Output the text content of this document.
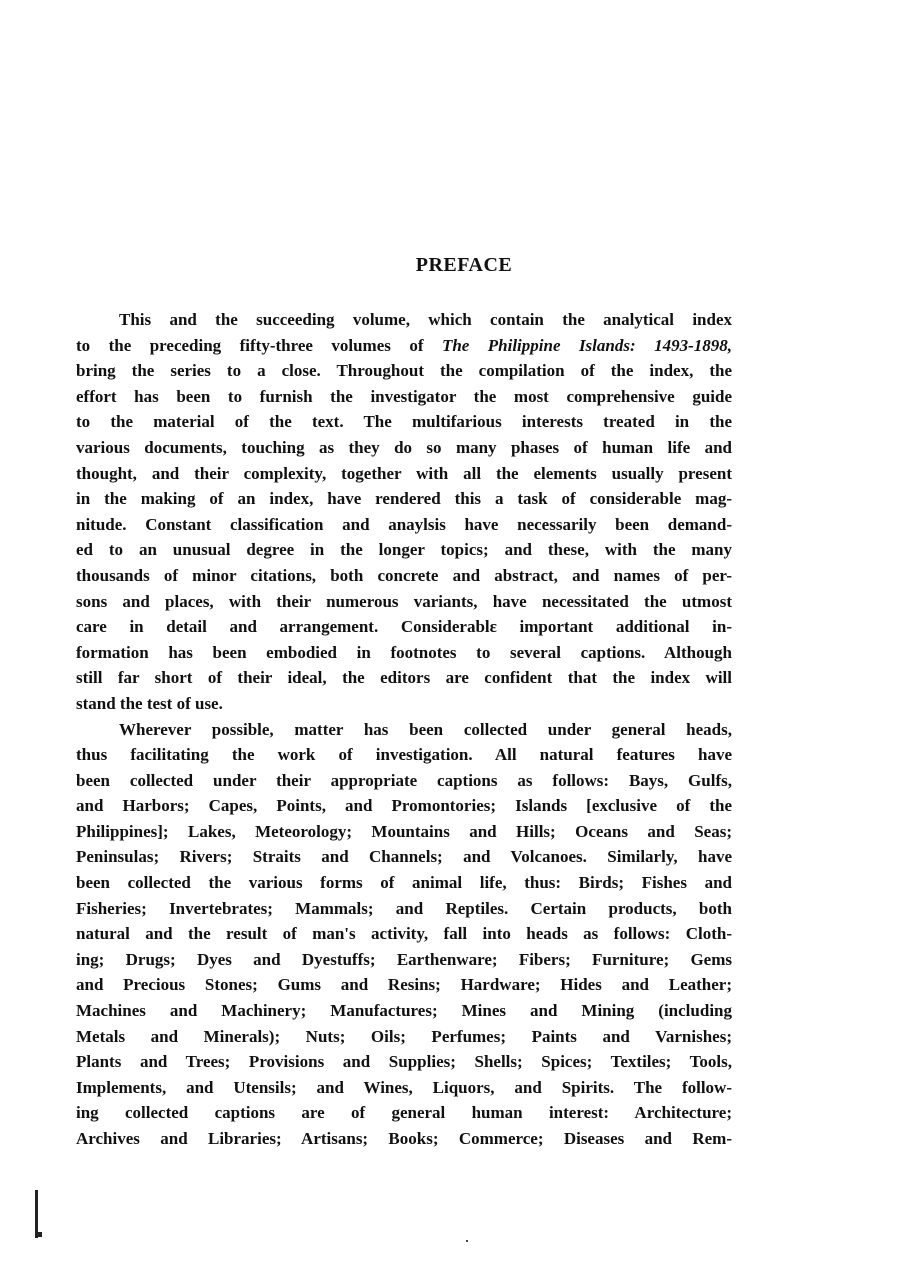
PREFACE
This and the succeeding volume, which contain the analytical index
to the preceding fifty-three volumes of The Philippine Islands: 1493-1898,
bring the series to a close. Throughout the compilation of the index, the
effort has been to furnish the investigator the most comprehensive guide
to the material of the text. The multifarious interests treated in the
various documents, touching as they do so many phases of human life and
thought, and their complexity, together with all the elements usually present
in the making of an index, have rendered this a task of considerable mag-
nitude. Constant classification and anaylsis have necessarily been demand-
ed to an unusual degree in the longer topics; and these, with the many
thousands of minor citations, both concrete and abstract, and names of per-
sons and places, with their numerous variants, have necessitated the utmost
care in detail and arrangement. Considerablε important additional in-
formation has been embodied in footnotes to several captions. Although
still far short of their ideal, the editors are confident that the index will
stand the test of use.
Wherever possible, matter has been collected under general heads,
thus facilitating the work of investigation. All natural features have
been collected under their appropriate captions as follows: Bays, Gulfs,
and Harbors; Capes, Points, and Promontories; Islands [exclusive of the
Philippines]; Lakes, Meteorology; Mountains and Hills; Oceans and Seas;
Peninsulas; Rivers; Straits and Channels; and Volcanoes. Similarly, have
been collected the various forms of animal life, thus: Birds; Fishes and
Fisheries; Invertebrates; Mammals; and Reptiles. Certain products, both
natural and the result of man's activity, fall into heads as follows: Cloth-
ing; Drugs; Dyes and Dyestuffs; Earthenware; Fibers; Furniture; Gems
and Precious Stones; Gums and Resins; Hardware; Hides and Leather;
Machines and Machinery; Manufactures; Mines and Mining (including
Metals and Minerals); Nuts; Oils; Perfumes; Paints and Varnishes;
Plants and Trees; Provisions and Supplies; Shells; Spices; Textiles; Tools,
Implements, and Utensils; and Wines, Liquors, and Spirits. The follow-
ing collected captions are of general human interest: Architecture;
Archives and Libraries; Artisans; Books; Commerce; Diseases and Rem-
